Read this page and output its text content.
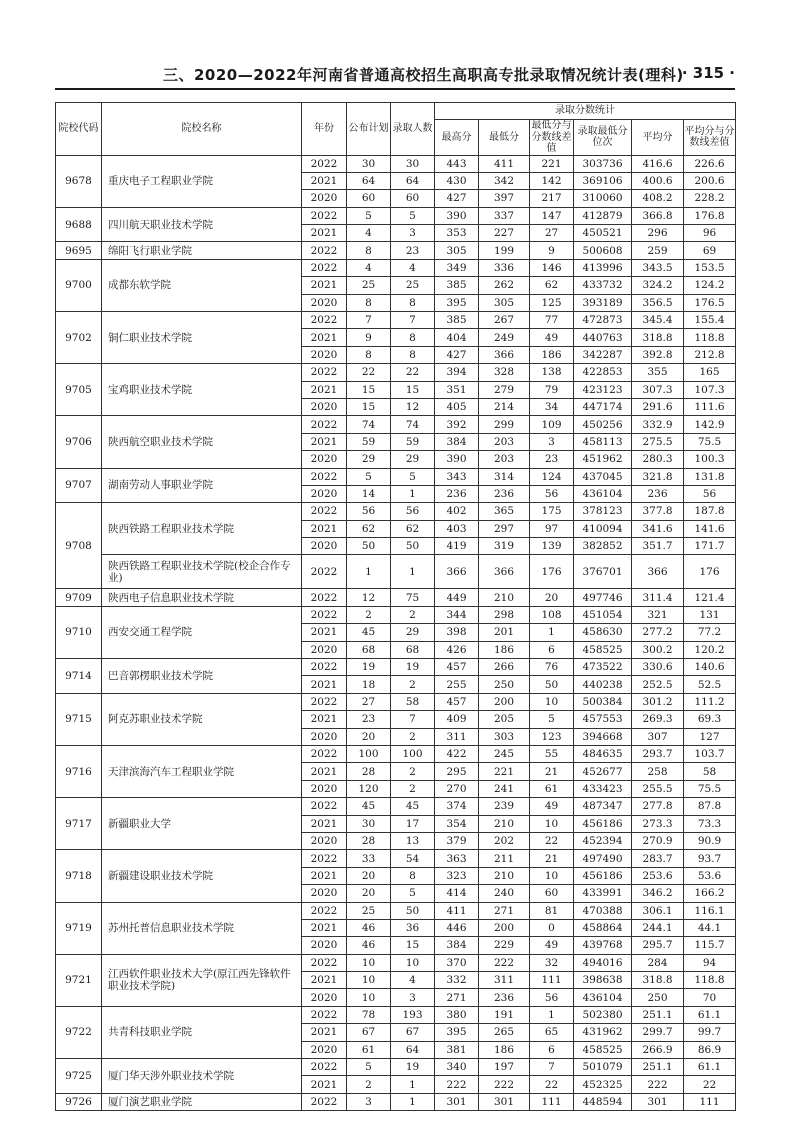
三、2020—2022年河南省普通高校招生高职高专批录取情况统计表(理科)
· 315 ·
院校代码	院校名称	年份	公布计划	录取人数	录取分数统计					
					最高分	最低分	最低分与分数线差值	录取最低分位次	平均分	平均分与分数线差值
9678	重庆电子工程职业学院	2022	30	30	443	411	221	303736	416.6	226.6
		2021	64	64	430	342	142	369106	400.6	200.6
		2020	60	60	427	397	217	310060	408.2	228.2
9688	四川航天职业技术学院	2022	5	5	390	337	147	412879	366.8	176.8
		2021	4	3	353	227	27	450521	296	96
9695	绵阳飞行职业学院	2022	8	23	305	199	9	500608	259	69
9700	成都东软学院	2022	4	4	349	336	146	413996	343.5	153.5
		2021	25	25	385	262	62	433732	324.2	124.2
		2020	8	8	395	305	125	393189	356.5	176.5
9702	铜仁职业技术学院	2022	7	7	385	267	77	472873	345.4	155.4
		2021	9	8	404	249	49	440763	318.8	118.8
		2020	8	8	427	366	186	342287	392.8	212.8
9705	宝鸡职业技术学院	2022	22	22	394	328	138	422853	355	165
		2021	15	15	351	279	79	423123	307.3	107.3
		2020	15	12	405	214	34	447174	291.6	111.6
9706	陕西航空职业技术学院	2022	74	74	392	299	109	450256	332.9	142.9
		2021	59	59	384	203	3	458113	275.5	75.5
		2020	29	29	390	203	23	451962	280.3	100.3
9707	湖南劳动人事职业学院	2022	5	5	343	314	124	437045	321.8	131.8
		2020	14	1	236	236	56	436104	236	56
9708	陕西铁路工程职业技术学院	2022	56	56	402	365	175	378123	377.8	187.8
		2021	62	62	403	297	97	410094	341.6	141.6
		2020	50	50	419	319	139	382852	351.7	171.7
	陕西铁路工程职业技术学院(校企合作专业)	2022	1	1	366	366	176	376701	366	176
9709	陕西电子信息职业技术学院	2022	12	75	449	210	20	497746	311.4	121.4
9710	西安交通工程学院	2022	2	2	344	298	108	451054	321	131
		2021	45	29	398	201	1	458630	277.2	77.2
		2020	68	68	426	186	6	458525	300.2	120.2
9714	巴音郭楞职业技术学院	2022	19	19	457	266	76	473522	330.6	140.6
		2021	18	2	255	250	50	440238	252.5	52.5
9715	阿克苏职业技术学院	2022	27	58	457	200	10	500384	301.2	111.2
		2021	23	7	409	205	5	457553	269.3	69.3
		2020	20	2	311	303	123	394668	307	127
9716	天津滨海汽车工程职业学院	2022	100	100	422	245	55	484635	293.7	103.7
		2021	28	2	295	221	21	452677	258	58
		2020	120	2	270	241	61	433423	255.5	75.5
9717	新疆职业大学	2022	45	45	374	239	49	487347	277.8	87.8
		2021	30	17	354	210	10	456186	273.3	73.3
		2020	28	13	379	202	22	452394	270.9	90.9
9718	新疆建设职业技术学院	2022	33	54	363	211	21	497490	283.7	93.7
		2021	20	8	323	210	10	456186	253.6	53.6
		2020	20	5	414	240	60	433991	346.2	166.2
9719	苏州托普信息职业技术学院	2022	25	50	411	271	81	470388	306.1	116.1
		2021	46	36	446	200	0	458864	244.1	44.1
		2020	46	15	384	229	49	439768	295.7	115.7
9721	江西软件职业技术大学(原江西先锋软件职业技术学院)	2022	10	10	370	222	32	494016	284	94
		2021	10	4	332	311	111	398638	318.8	118.8
		2020	10	3	271	236	56	436104	250	70
9722	共青科技职业学院	2022	78	193	380	191	1	502380	251.1	61.1
		2021	67	67	395	265	65	431962	299.7	99.7
		2020	61	64	381	186	6	458525	266.9	86.9
9725	厦门华天涉外职业技术学院	2022	5	19	340	197	7	501079	251.1	61.1
		2021	2	1	222	222	22	452325	222	22
9726	厦门演艺职业学院	2022	3	1	301	301	111	448594	301	111
